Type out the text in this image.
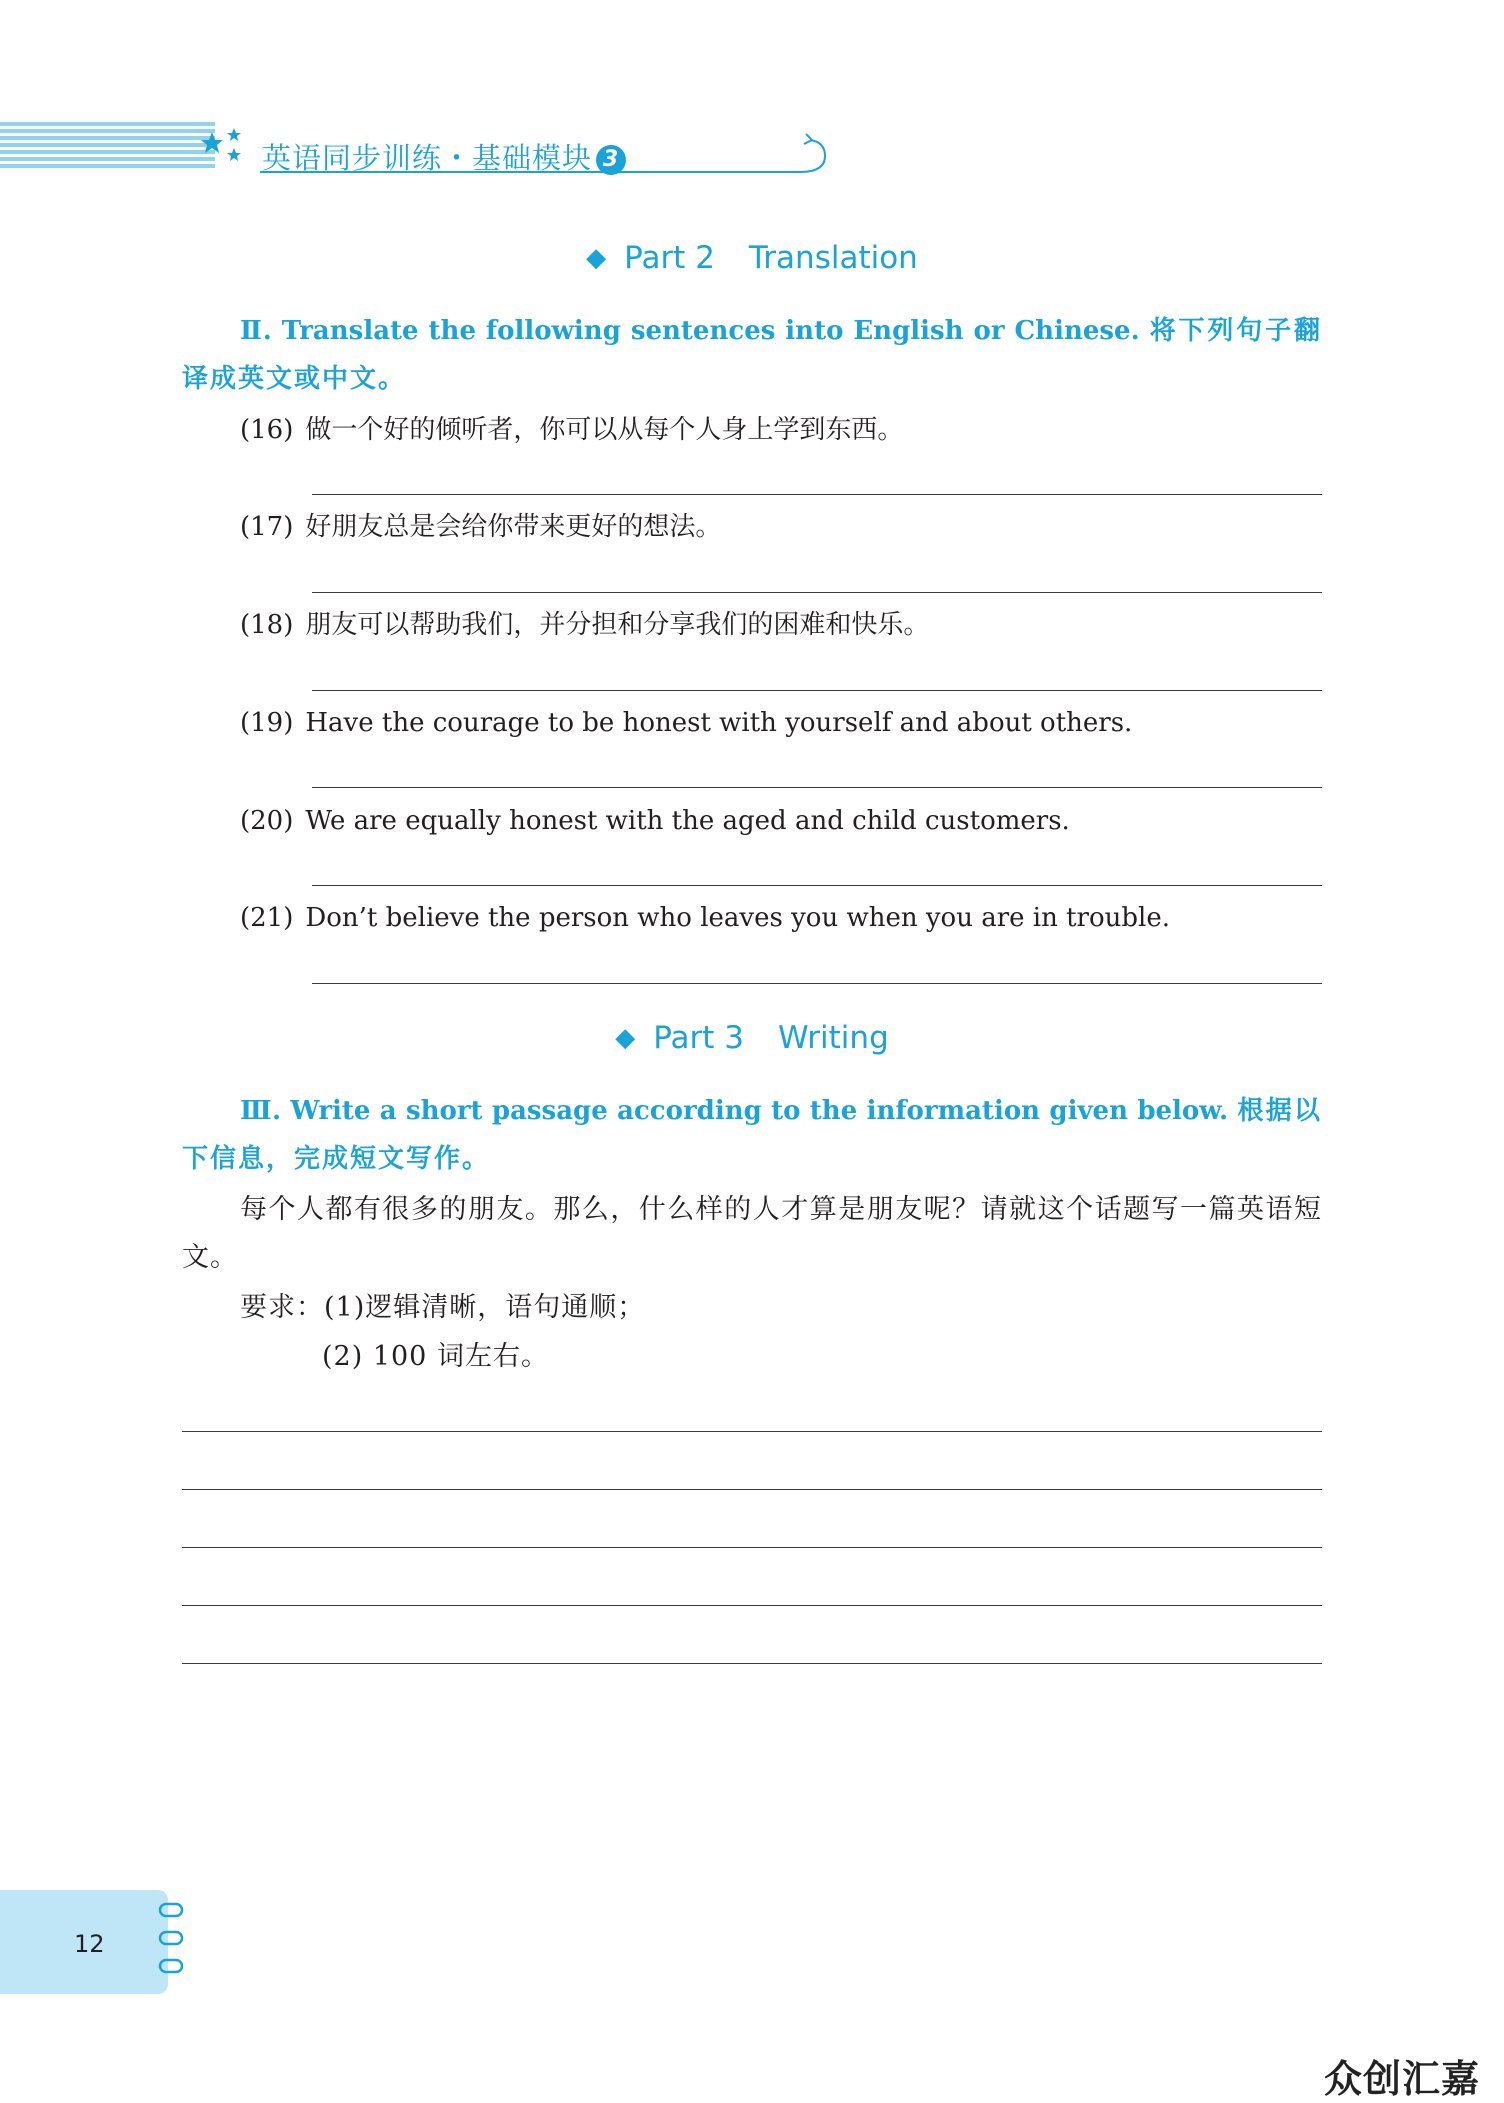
英语同步训练・基础模块 3
◆ Part 2 Translation
Ⅱ. Translate the following sentences into English or Chinese. 将下列句子翻译成英文或中文。
(16) 做一个好的倾听者，你可以从每个人身上学到东西。
(17) 好朋友总是会给你带来更好的想法。
(18) 朋友可以帮助我们，并分担和分享我们的困难和快乐。
(19) Have the courage to be honest with yourself and about others.
(20) We are equally honest with the aged and child customers.
(21) Don’t believe the person who leaves you when you are in trouble.
◆ Part 3 Writing
Ⅲ. Write a short passage according to the information given below. 根据以下信息，完成短文写作。
每个人都有很多的朋友。那么，什么样的人才算是朋友呢？请就这个话题写一篇英语短文。
要求：(1)逻辑清晰，语句通顺；
(2) 100 词左右。
12
众创汇嘉
